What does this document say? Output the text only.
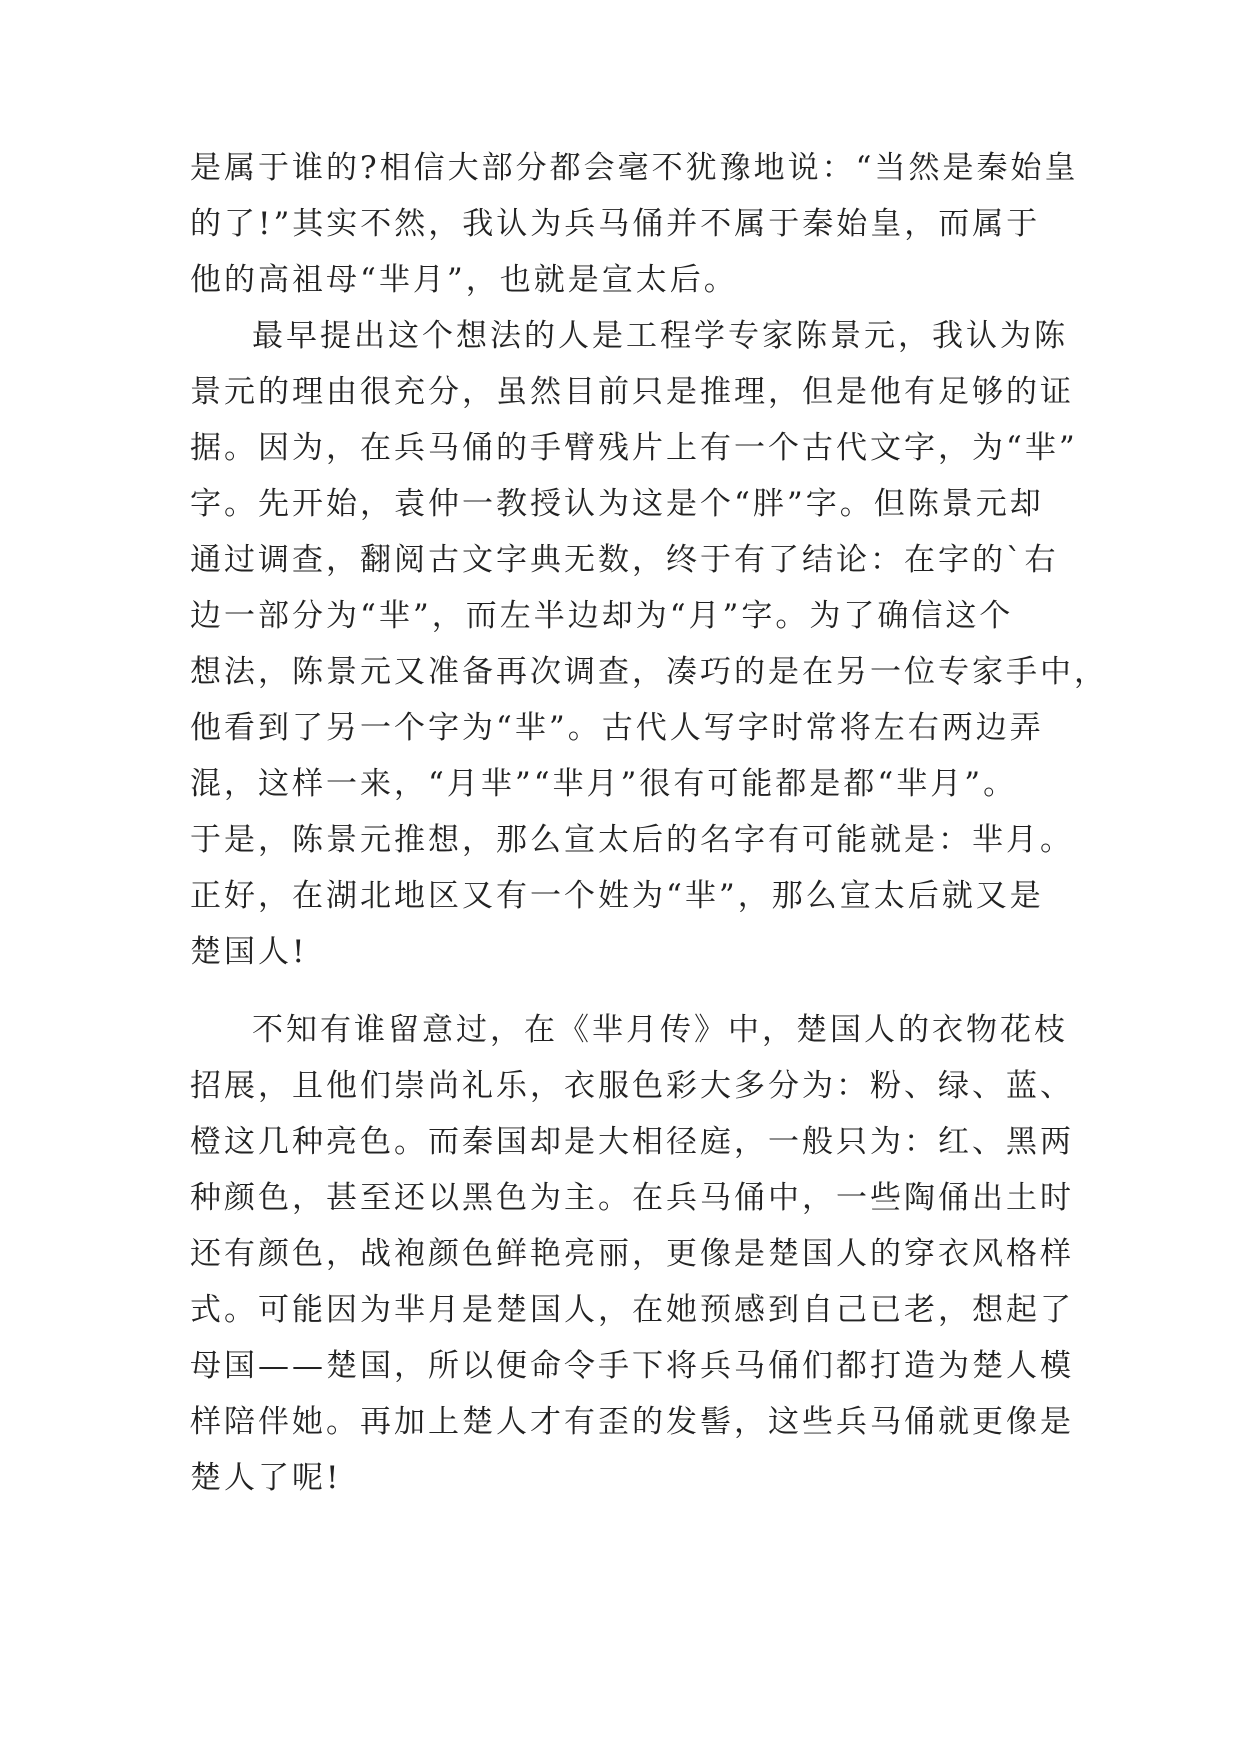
是属于谁的?相信大部分都会毫不犹豫地说：“当然是秦始皇
的了!”其实不然，我认为兵马俑并不属于秦始皇，而属于
他的高祖母“芈月”，也就是宣太后。
最早提出这个想法的人是工程学专家陈景元，我认为陈
景元的理由很充分，虽然目前只是推理，但是他有足够的证
据。因为，在兵马俑的手臂残片上有一个古代文字，为“芈”
字。先开始，袁仲一教授认为这是个“胖”字。但陈景元却
通过调查，翻阅古文字典无数，终于有了结论：在字的`右
边一部分为“芈”，而左半边却为“月”字。为了确信这个
想法，陈景元又准备再次调查，凑巧的是在另一位专家手中，
他看到了另一个字为“芈”。古代人写字时常将左右两边弄
混，这样一来，“月芈”“芈月”很有可能都是都“芈月”。
于是，陈景元推想，那么宣太后的名字有可能就是：芈月。
正好，在湖北地区又有一个姓为“芈”，那么宣太后就又是
楚国人!
不知有谁留意过，在《芈月传》中，楚国人的衣物花枝
招展，且他们崇尚礼乐，衣服色彩大多分为：粉、绿、蓝、
橙这几种亮色。而秦国却是大相径庭，一般只为：红、黑两
种颜色，甚至还以黑色为主。在兵马俑中，一些陶俑出土时
还有颜色，战袍颜色鲜艳亮丽，更像是楚国人的穿衣风格样
式。可能因为芈月是楚国人，在她预感到自己已老，想起了
母国——楚国，所以便命令手下将兵马俑们都打造为楚人模
样陪伴她。再加上楚人才有歪的发髻，这些兵马俑就更像是
楚人了呢!
